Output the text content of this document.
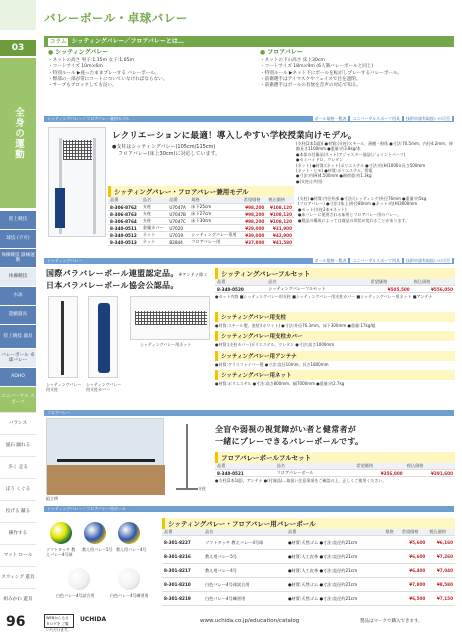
03
全身の運動
陸上競技
球技 (不可)
体操競技 器械運動
体操競技
水泳
遊戯器具
陸上競技 器具
バレーボール 卓球バレー
ADHO
ユニバーサル スポーツ
バランス
風石 踊れる
歩く 走る
ぼう くぐる
投げる 蹴る
操作する
マット ロール
スウィング 遊具
組みかわ 遊具
バレーボール・卓球バレー
コラム シッティングバレー／フロアバレーとは…
● シッティングバレー
・ネットの高さ 男子:1.15m 女子:1.05m
・コートサイズ 10m×6m
・特別ルール ▶座ったままプレーする バレーボール。
・臀部の一部が常にコートについていなければならない。
・サーブもブロックしても良い。
● フロアバレー
・ネットの下の高さ 床上30cm
・コートサイズ 18m×9m (6人制バレーボールと同じ)
・特別ルール ▶ネット下にボールを転がしプレーするバレーボール。
・前衛選手はアイマスクやフェイスで目を遮閉。
・前衛選手はボールの有無を音声の対応で知る。
シッティングバレー／フロアバレー兼用モデル	ボール規格一覧表 ユニバーサルスポーツ用具 技術申請有取扱いの可否
レクリエーションに最適！導入しやすい学校授業向けモデル。
●支柱はシッティングバレー(105cm/115cm)
フロアバレー(床上30cm)に対応しています。
(支柱(2本1組)) ●材質:(支柱)スチール、薄膜・粉体 ●寸法:70.5mm、内径4.2mm、伸縮長さ1100mm ●重量:約3.8kg/本
●本体の付属品(ネット)アジャスター部品(ジョイントパーツ)
●セミハイドロ、ウレタン
(ネット) ●材質:(ネット)ポリエステル ●寸法:約(H)1000×長さ500mm
(ネット・ヒモ) ●材質:ポリエステル、帯電
●寸法:約(H)4,500mm ●耐荷重:約1.3kg
●(支柱は共用)
シッティングバレー・フロアバレー兼用モデル
品番	品名	品番	規格	希望価格	税込価格
8-306-8762	支柱	U7047A	床下25cm	¥98,200	¥108,120
8-306-8763	支柱	U7047B	床下27cm	¥98,200	¥108,120
8-306-8764	支柱	U7047C	床下30cm	¥98,200	¥108,120
8-340-0511	金属カバー	U7020		¥29,000	¥31,900
8-340-0512	ネット	U7019	シッティングバレー専用	¥39,000	¥42,900
8-340-0513	ネット	B2844	フロアバレー用	¥37,800	¥41,580
(支柱) ●材質:内径外部 ●寸法:(シッティング)外径76mm ●重量:約5kg
(フロアバレー) ●寸法:(床上)外径80mm ●ネット:約(H)3000mm
●セット(支柱2本+ネット)
●床バレーに使用される床用とフロアバレー用のバレー。
●製品の構成によっては商品の形状が変わることがあります。
シッティングバレー	ボール規格一覧表 ユニバーサルスポーツ用具 技術申請有取扱いの可否
国際パラバレーボール連盟認定品。※アンテナ除く
日本パラバレーボール協会公認品。
シッティングバレー用支柱
シッティングバレー用支柱カバー
シッティングバレー用ネット
シッティングバレーフルセット
品番	品名	希望価格	税込価格
8-340-0520	シッティングバレーフルセット	¥505,500	¥556,050
●セット内容 ■シッティングバレー用支柱 ■シッティングバレー用支柱カバー ■シッティングバレー用ネット ■アンテナ
シッティングバレー用支柱
●材質:スチール製、塗装:(ホワイト) ●寸法:外径76.3mm、床下300mm ●重量:17kg/組
シッティングバレー用支柱カバー
●材質:(支柱カバー)ポリエステル、ウレタン ●寸法:高さ1000mm
シッティングバレー用アンテナ
●材質:グラスファイバー製 ●寸法:直径10mm、長さ1800mm
シッティングバレー用ネット
●材質:ポリエステル ●寸法:高さ800mm、幅7000mm ●重量:約2.7kg
フロアバレー
組立例
支柱
全盲や弱視の視覚障がい者と健常者が
一緒にプレーできるバレーボールです。
フロアバレーボールフルセット
品番	品名	希望価格	税込価格
8-340-0521	フロアバレーボール	¥356,000	¥391,600
●支柱(2本1組)、アンテナ ●(付属品)…取扱い注意事項をご確認の上、正しくご使用ください。
シッティングバレー・フロアバレー用ボール
ソフトタッチ 教えバレー4号球
教え用バレー5号 教え用バレー4号
白色バレー4号試合用	白色バレー4号練習用
シッティングバレー・フロアバレー用バレーボール
品番	品名	品番	規格	希望価格	税込価格
8-301-8227	ソフトタッチ 教えバレー4号球	●材質:天然ゴム ●寸法:直径約21cm		¥5,600	¥6,160
8-301-8216	教え用バレー5号	●材質:人工皮革 ●寸法:直径約21cm		¥6,600	¥7,260
8-301-8217	教え用バレー4号	●材質:人工皮革 ●寸法:直径約21cm		¥6,400	¥7,040
8-301-8210	白色バレー4号球試合用	●材質:天然ゴム ●寸法:直径約21cm		¥7,800	¥8,580
8-301-8219	白色バレー4号練習用	●材質:天然ゴム ●寸法:直径約21cm		¥6,500	¥7,150
96	WEBからもカタログを ご覧いただけます。
UCHIDA	www.uchida.co.jp/education/catalog	製品はマークで購入できます。
